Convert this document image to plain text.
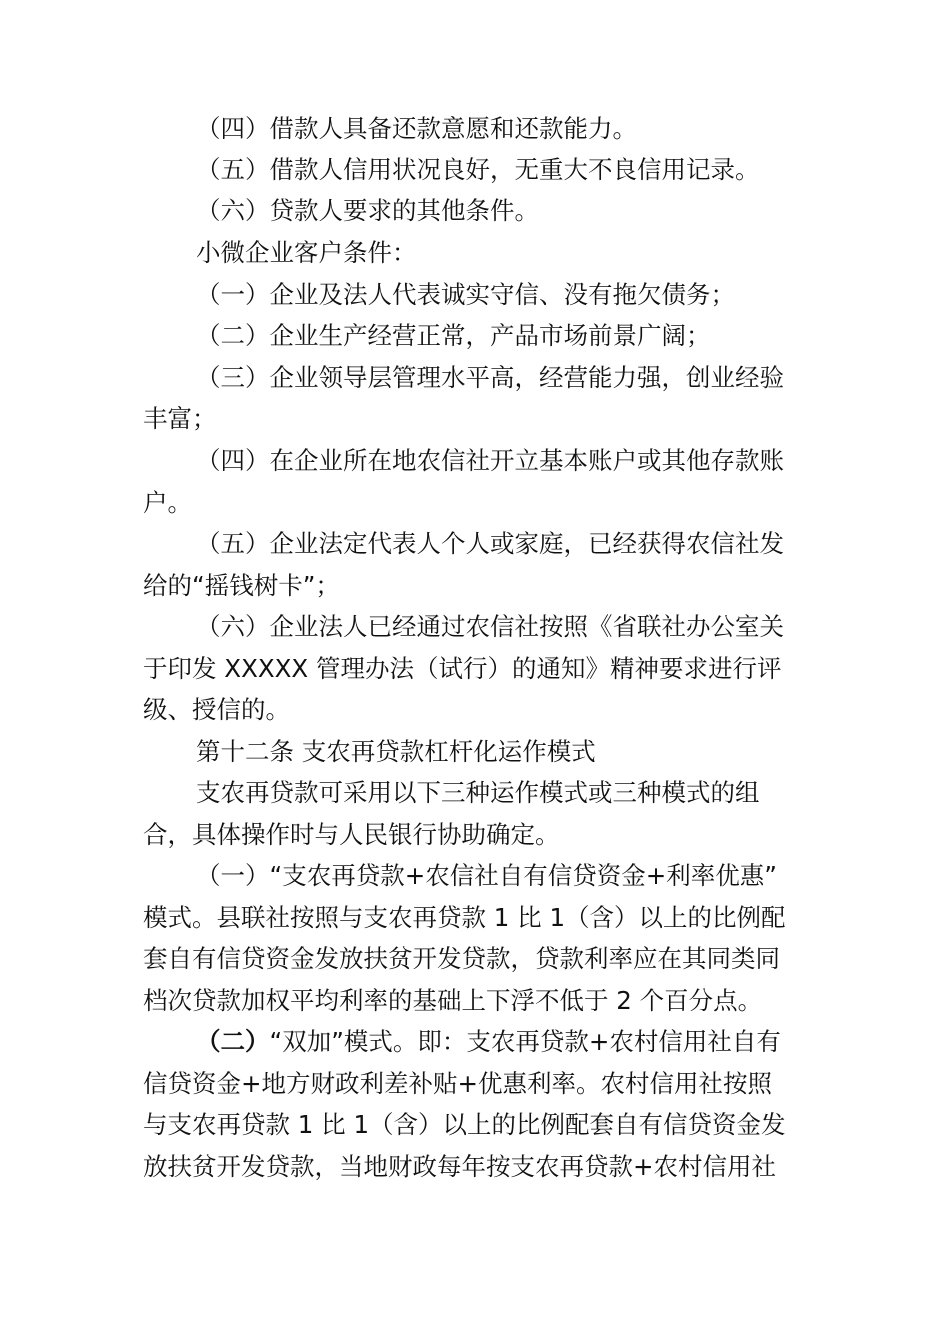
（四）借款人具备还款意愿和还款能力。
（五）借款人信用状况良好，无重大不良信用记录。
（六）贷款人要求的其他条件。
小微企业客户条件：
（一）企业及法人代表诚实守信、没有拖欠债务；
（二）企业生产经营正常，产品市场前景广阔；
（三）企业领导层管理水平高，经营能力强，创业经验
丰富；
（四）在企业所在地农信社开立基本账户或其他存款账
户。
（五）企业法定代表人个人或家庭，已经获得农信社发
给的“摇钱树卡”；
（六）企业法人已经通过农信社按照《省联社办公室关
于印发 XXXXX 管理办法（试行）的通知》精神要求进行评
级、授信的。
第十二条 支农再贷款杠杆化运作模式
支农再贷款可采用以下三种运作模式或三种模式的组
合，具体操作时与人民银行协助确定。
（一）“支农再贷款+农信社自有信贷资金+利率优惠”
模式。县联社按照与支农再贷款 1 比 1（含）以上的比例配
套自有信贷资金发放扶贫开发贷款，贷款利率应在其同类同
档次贷款加权平均利率的基础上下浮不低于 2 个百分点。
（二）“双加”模式。即：支农再贷款+农村信用社自有
信贷资金+地方财政利差补贴+优惠利率。农村信用社按照
与支农再贷款 1 比 1（含）以上的比例配套自有信贷资金发
放扶贫开发贷款，当地财政每年按支农再贷款+农村信用社
